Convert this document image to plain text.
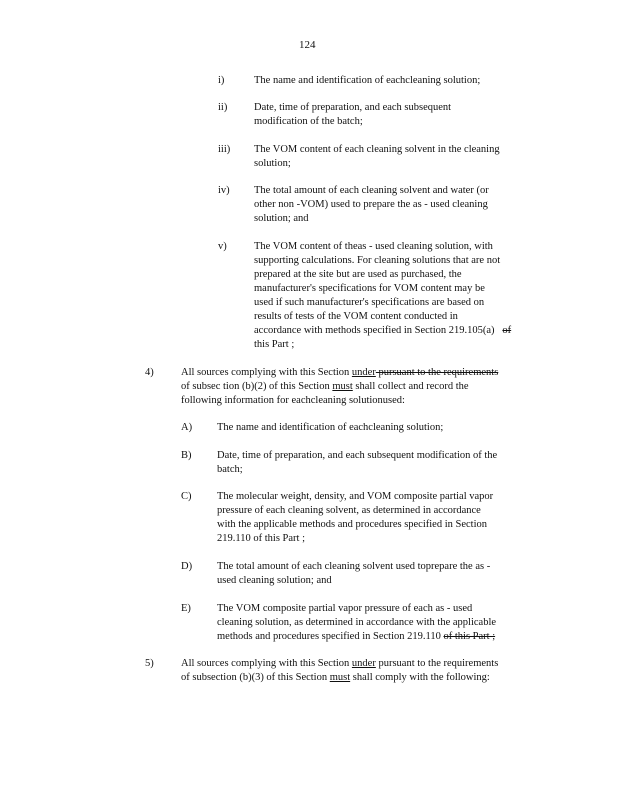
124
i)	The name and identification of eachcleaning solution;

ii)	Date, time of preparation, and each subsequent

modification of the batch;

iii) The VOM content of each cleaning solvent in the cleaning

solution;

iv) The total amount of each cleaning solvent and water (or

other non -VOM) used to prepare the as - used cleaning

solution; and

v)	The VOM content of theas - used cleaning solution, with

supporting calculations. For cleaning solutions that are not

prepared at the site but are used as purchased, the

manufacturer's specifications for VOM content may be

used if such manufacturer's specifications are based on

results of tests of the VOM content conducted in

accordance with methods specified in Section 219.105(a) of

this Part ;

4)	All sources complying with this Section under pursuant to the requirements

of subsec tion (b)(2) of this Section must shall collect and record the

following information for eachcleaning solutionused:

A) The name and identification of eachcleaning solution;

B) Date, time of preparation, and each subsequent modification of the

batch;

C) The molecular weight, density, and VOM composite partial vapor

pressure of each cleaning solvent, as determined in accordance

with the applicable methods and procedures specified in Section

219.110 of this Part ;

D) The total amount of each cleaning solvent used toprepare the as -

used cleaning solution; and

E) The VOM composite partial vapor pressure of each as - used

cleaning solution, as determined in accordance with the applicable

methods and procedures specified in Section 219.110 of this Part ;

5)	All sources complying with this Section under pursuant to the requirements

of subsection (b)(3) of this Section must shall comply with the following:
